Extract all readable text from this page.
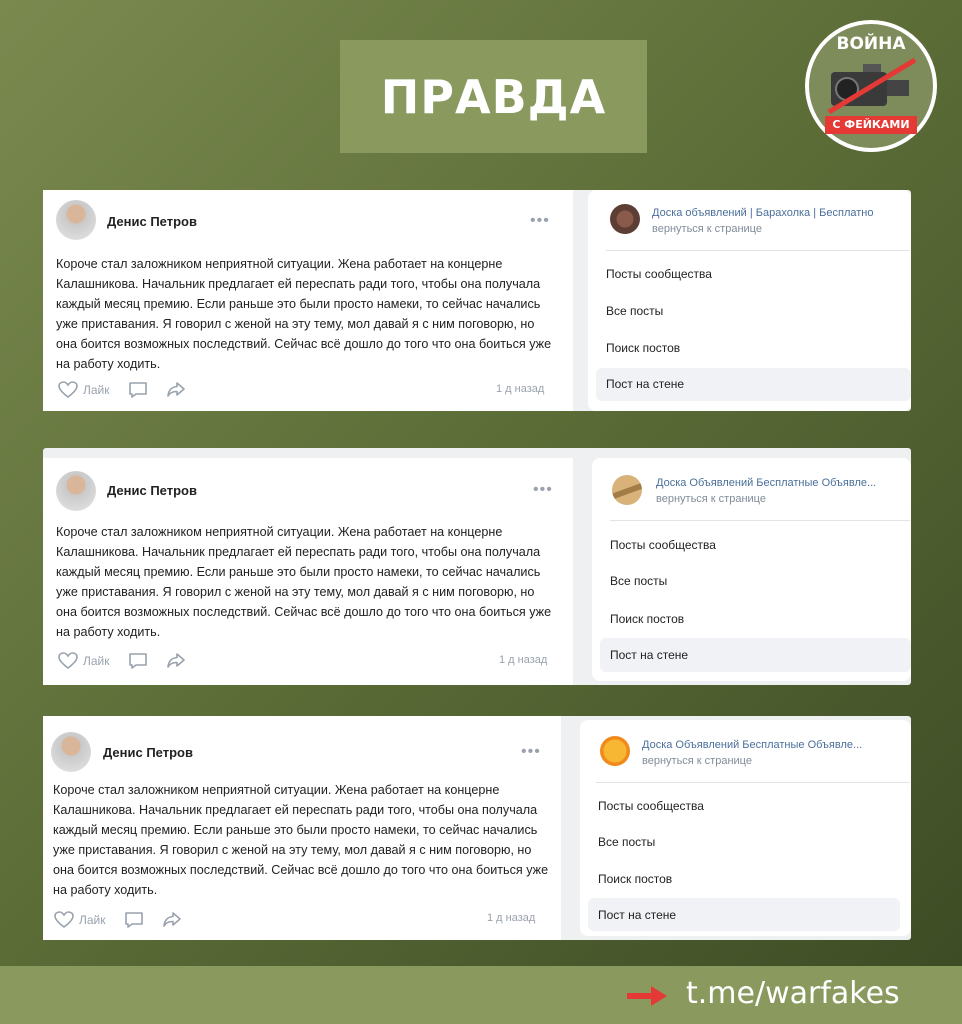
ПРАВДА
ВОЙНА
С ФЕЙКАМИ
Денис Петров	•••
Короче стал заложником неприятной ситуации. Жена работает на концерне Калашникова. Начальник предлагает ей переспать ради того, чтобы она получала каждый месяц премию. Если раньше это были просто намеки, то сейчас начались уже приставания. Я говорил с женой на эту тему, мол давай я с ним поговорю, но она боится возможных последствий. Сейчас всё дошло до того что она боиться уже на работу ходить.
Лайк	1 д назад
Доска объявлений | Барахолка | Бесплатно
вернуться к странице
Посты сообщества
Все посты
Поиск постов
Пост на стене
Денис Петров	•••
Короче стал заложником неприятной ситуации. Жена работает на концерне Калашникова. Начальник предлагает ей переспать ради того, чтобы она получала каждый месяц премию. Если раньше это были просто намеки, то сейчас начались уже приставания. Я говорил с женой на эту тему, мол давай я с ним поговорю, но она боится возможных последствий. Сейчас всё дошло до того что она боиться уже на работу ходить.
Лайк	1 д назад
Доска Объявлений Бесплатные Объявле...
вернуться к странице
Посты сообщества
Все посты
Поиск постов
Пост на стене
Денис Петров	•••
Короче стал заложником неприятной ситуации. Жена работает на концерне Калашникова. Начальник предлагает ей переспать ради того, чтобы она получала каждый месяц премию. Если раньше это были просто намеки, то сейчас начались уже приставания. Я говорил с женой на эту тему, мол давай я с ним поговорю, но она боится возможных последствий. Сейчас всё дошло до того что она боиться уже на работу ходить.
Лайк	1 д назад
Доска Объявлений Бесплатные Объявле...
вернуться к странице
Посты сообщества
Все посты
Поиск постов
Пост на стене
t.me/warfakes
